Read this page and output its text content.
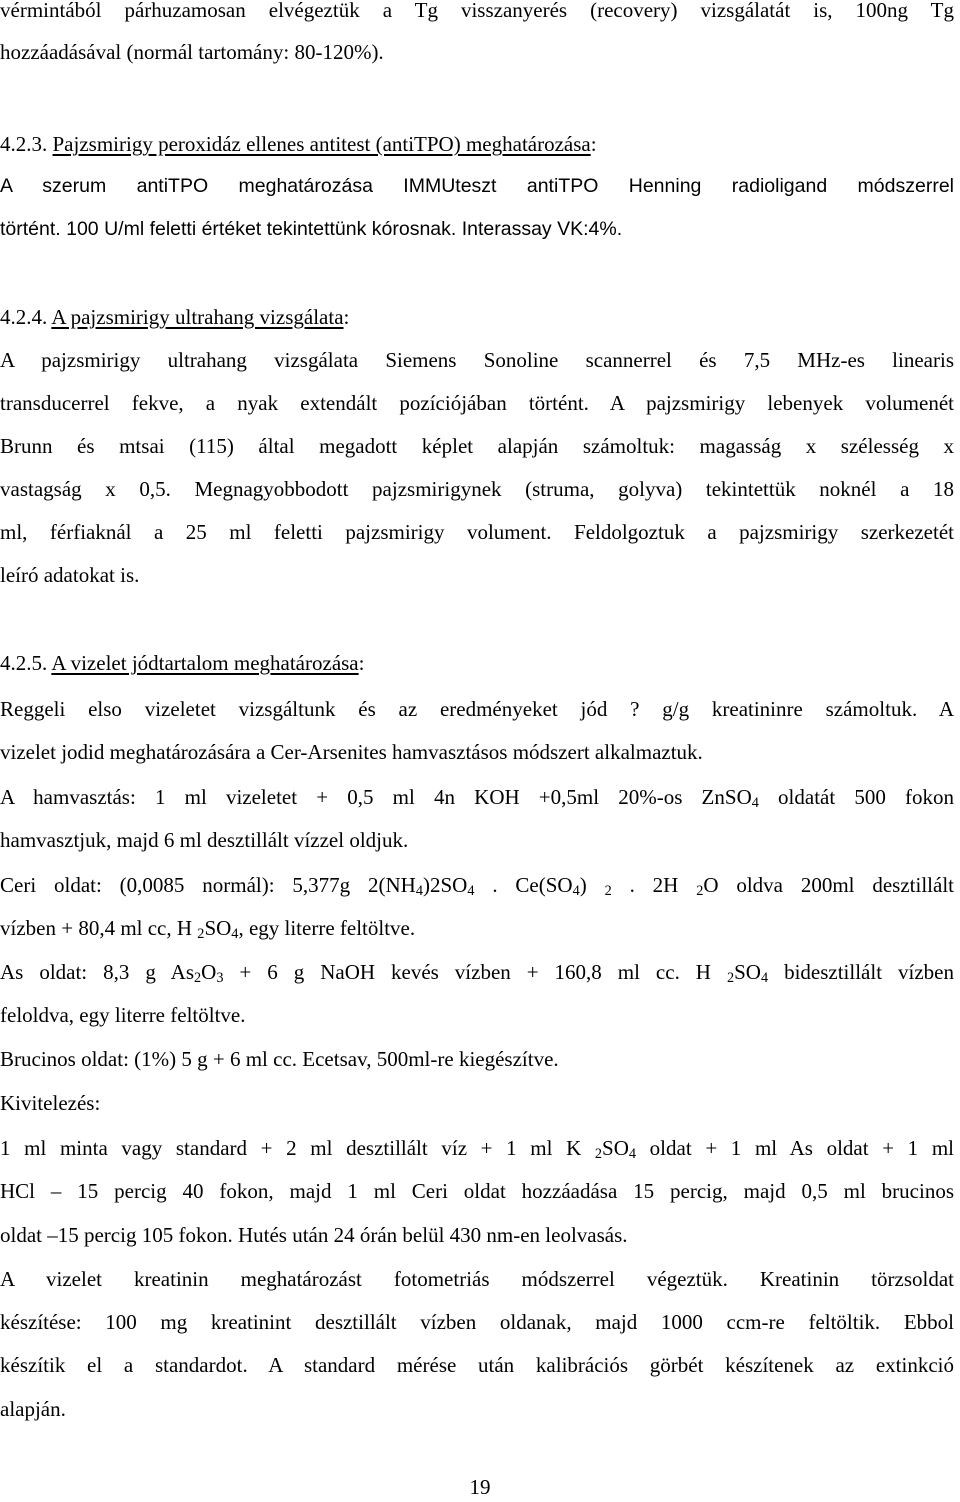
vérmintából párhuzamosan elvégeztük a Tg visszanyerés (recovery) vizsgálatát is, 100ng Tg

hozzáadásával (normál tartomány: 80-120%).

4.2.3. Pajzsmirigy peroxidáz ellenes antitest (antiTPO) meghatározása:

A szerum antiTPO meghatározása IMMUteszt antiTPO Henning radioligand módszerrel

történt. 100 U/ml feletti értéket tekintettünk kórosnak. Interassay VK:4%.

4.2.4. A pajzsmirigy ultrahang vizsgálata:

A pajzsmirigy ultrahang vizsgálata Siemens Sonoline scannerrel és 7,5 MHz-es linearis

transducerrel fekve, a nyak extendált pozíciójában történt. A pajzsmirigy lebenyek volumenét

Brunn és mtsai (115) által megadott képlet alapján számoltuk: magasság x szélesség x

vastagság x 0,5. Megnagyobbodott pajzsmirigynek (struma, golyva) tekintettük noknél a 18

ml, férfiaknál a 25 ml feletti pajzsmirigy volument. Feldolgoztuk a pajzsmirigy szerkezetét

leíró adatokat is.

4.2.5. A vizelet jódtartalom meghatározása:

Reggeli elso vizeletet vizsgáltunk és az eredményeket jód ? g/g kreatininre számoltuk. A

vizelet jodid meghatározására a Cer-Arsenites hamvasztásos módszert alkalmaztuk.

A hamvasztás: 1 ml vizeletet + 0,5 ml 4n KOH +0,5ml 20%-os ZnSO$_4$ oldatát 500 fokon

hamvasztjuk, majd 6 ml desztillált vízzel oldjuk.

Ceri oldat: (0,0085 normál): 5,377g $2(NH_4)2SO_4$ . $Ce(SO_4)$ $_2$ . 2H $_2$O oldva 200ml desztillált

vízben + 80,4 ml cc, H $_2SO_4$, egy literre feltöltve.

As oldat: 8,3 g $As_2O_3 + 6$ g NaOH kevés vízben + 160,8 ml cc. H $_2SO_4$ bidesztillált vízben

feloldva, egy literre feltöltve.

Brucinos oldat: (1%) 5 g + 6 ml cc. Ecetsav, 500ml-re kiegészítve.

Kivitelezés:

1 ml minta vagy standard + 2 ml desztillált víz + 1 ml K $_2SO_4$ oldat + 1 ml As oldat + 1 ml

HCl – 15 percig 40 fokon, majd 1 ml Ceri oldat hozzáadása 15 percig, majd 0,5 ml brucinos

oldat –15 percig 105 fokon. Hutés után 24 órán belül 430 nm-en leolvasás.

A vizelet kreatinin meghatározást fotometriás módszerrel végeztük. Kreatinin törzsoldat

készítése: 100 mg kreatinint desztillált vízben oldanak, majd 1000 ccm-re feltöltik. Ebbol

készítik el a standardot. A standard mérése után kalibrációs görbét készítenek az extinkció

alapján.

19
